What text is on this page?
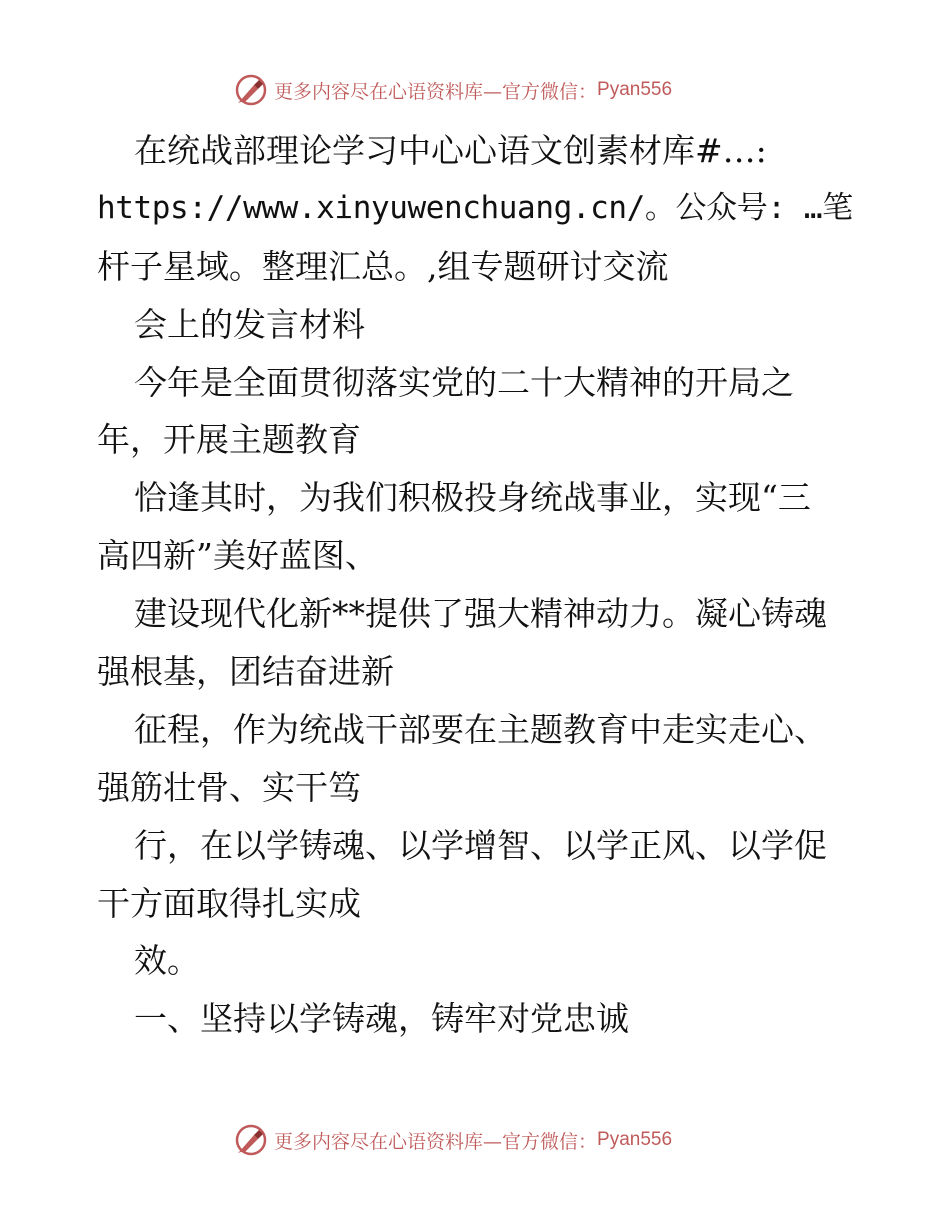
更多内容尽在心语资料库—官方微信： Pyan556
在统战部理论学习中心心语文创素材库#…:
https://www.xinyuwenchuang.cn/。公众号: …笔
杆子星域。整理汇总。,组专题研讨交流
会上的发言材料
今年是全面贯彻落实党的二十大精神的开局之
年，开展主题教育
恰逢其时，为我们积极投身统战事业，实现“三
高四新”美好蓝图、
建设现代化新**提供了强大精神动力。凝心铸魂
强根基，团结奋进新
征程，作为统战干部要在主题教育中走实走心、
强筋壮骨、实干笃
行，在以学铸魂、以学增智、以学正风、以学促
干方面取得扎实成
效。
一、坚持以学铸魂，铸牢对党忠诚
更多内容尽在心语资料库—官方微信： Pyan556
